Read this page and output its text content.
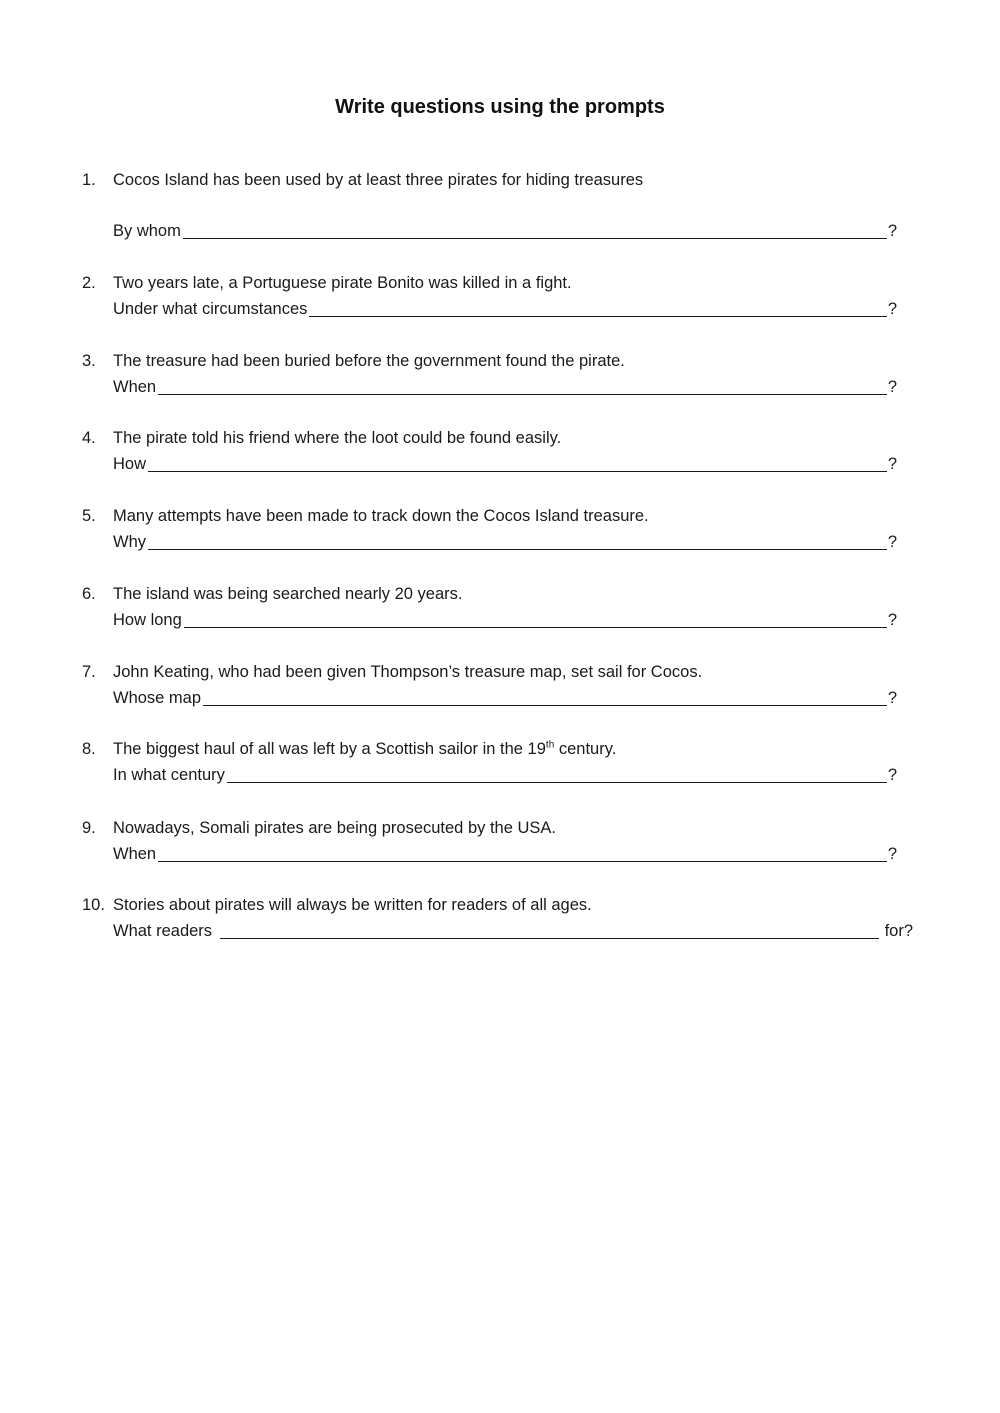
Write questions using the prompts
1.	Cocos Island has been used by at least three pirates for hiding treasures
By whom	?
2.	Two years late, a Portuguese pirate Bonito was killed in a fight.
Under what circumstances	?
3.	The treasure had been buried before the government found the pirate.
When	?
4.	The pirate told his friend where the loot could be found easily.
How	?
5.	Many attempts have been made to track down the Cocos Island treasure.
Why	?
6.	The island was being searched nearly 20 years.
How long	?
7.	John Keating, who had been given Thompson’s treasure map, set sail for Cocos.
Whose map	?
8.	The biggest haul of all was left by a Scottish sailor in the 19th century.
In what century	?
9.	Nowadays, Somali pirates are being prosecuted by the USA.
When	?
10. Stories about pirates will always be written for readers of all ages.
What readers	for?
